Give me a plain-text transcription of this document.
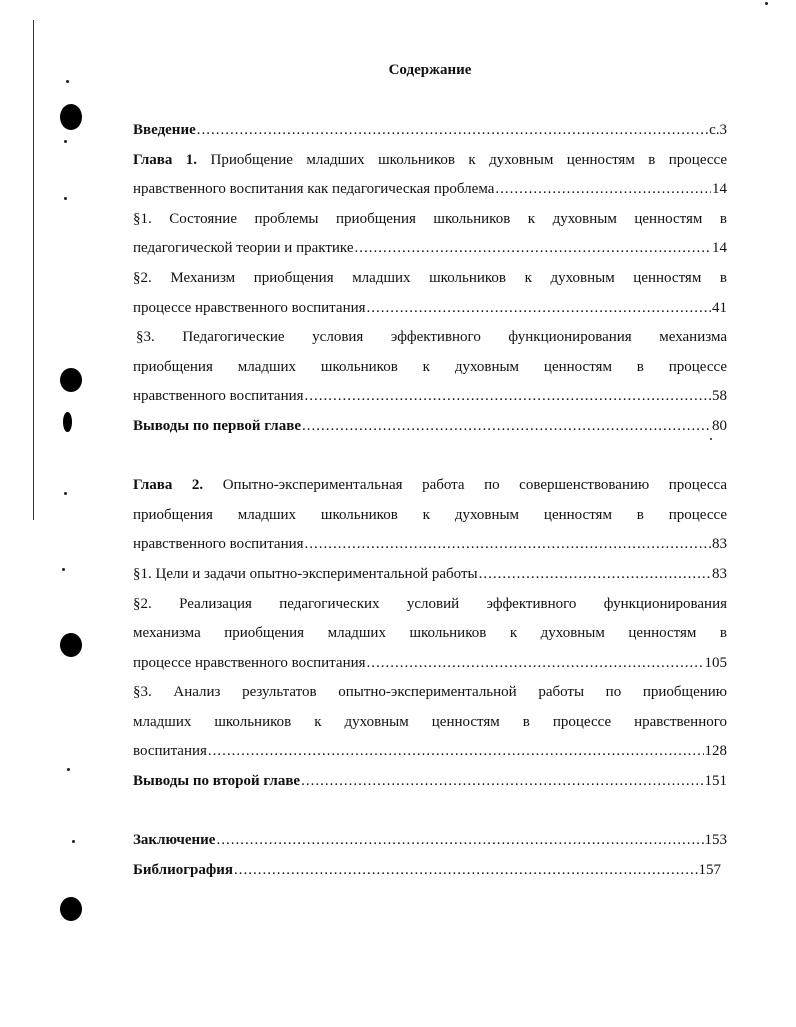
Содержание
Введение .....	с.3
Глава 1. Приобщение младших школьников к духовным ценностям в процессе
нравственного воспитания как педагогическая проблема .....	14
§1. Состояние проблемы приобщения школьников к духовным ценностям в
педагогической теории и практике .....	14
§2. Механизм приобщения младших школьников к духовным ценностям в
процессе нравственного воспитания .....	41
§3. Педагогические условия эффективного функционирования механизма
приобщения младших школьников к духовным ценностям в процессе
нравственного воспитания .....	58
Выводы по первой главе .....	80
Глава 2. Опытно-экспериментальная работа по совершенствованию процесса
приобщения младших школьников к духовным ценностям в процессе
нравственного воспитания .....	83
§1. Цели и задачи опытно-экспериментальной работы .....	83
§2. Реализация педагогических условий эффективного функционирования
механизма приобщения младших школьников к духовным ценностям в
процессе нравственного воспитания .....	105
§3. Анализ результатов опытно-экспериментальной работы по приобщению
младших школьников к духовным ценностям в процессе нравственного
воспитания .....	128
Выводы по второй главе .....	151
Заключение .....	153
Библиография .....	157
